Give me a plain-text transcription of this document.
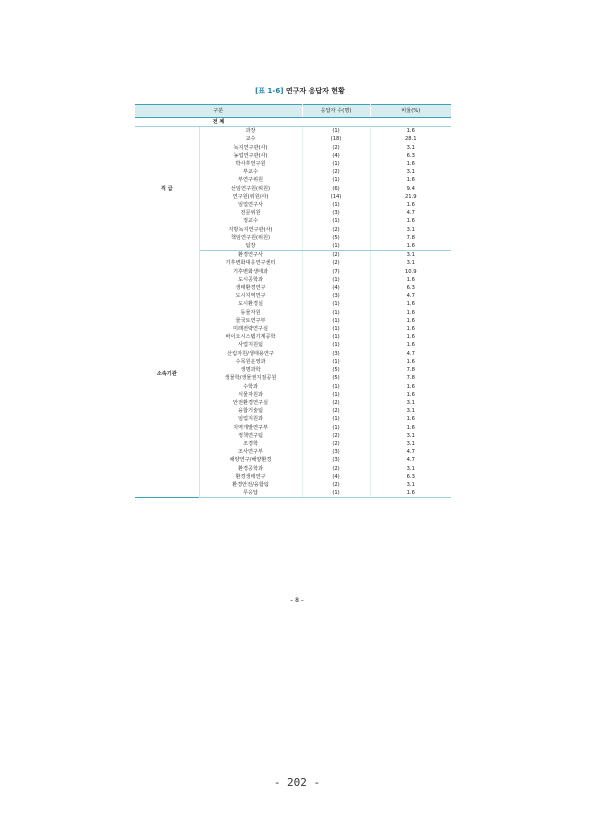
[표 1-6] 연구자 응답자 현황
구분		응답자 수(명)	비율(%)
전 체			
직 급	과장	(1)	1.6
	교수	(18)	28.1
	녹지연구관(사)	(2)	3.1
	농업연구관(사)	(4)	6.3
	박사후연구원	(1)	1.6
	부교수	(2)	3.1
	부연구위원	(1)	1.6
	선임연구원(위원)	(6)	9.4
	연구원(위원/사)	(14)	21.9
	임업연구사	(1)	1.6
	전문위원	(3)	4.7
	정교수	(1)	1.6
	지방녹지연구관(사)	(2)	3.1
	책임연구원(위원)	(5)	7.8
	팀장	(1)	1.6
소속기관	환경연구사	(2)	3.1
	기후변화대응연구센터	(2)	3.1
	기후변화생태과	(7)	10.9
	도시공학과	(1)	1.6
	생태환경연구	(4)	6.3
	도시지역연구	(3)	4.7
	도시환경실	(1)	1.6
	동물자원	(1)	1.6
	물국토연구부	(1)	1.6
	미래전략연구실	(1)	1.6
	바이오시스템기계공학	(1)	1.6
	사업지원팀	(1)	1.6
	산림자원/생태용연구	(3)	4.7
	수목원운영과	(1)	1.6
	생명과학	(5)	7.8
	생물학/생물권지질공원	(5)	7.8
	수학과	(1)	1.6
	식물자원과	(1)	1.6
	안전환경연구실	(2)	3.1
	융합기술팀	(2)	3.1
	임업지원과	(1)	1.6
	지역개발연구부	(1)	1.6
	정책연구팀	(2)	3.1
	조경학	(2)	3.1
	조사연구부	(3)	4.7
	해양연구/해양환경	(3)	4.7
	환경공학과	(2)	3.1
	환경생태연구	(4)	6.3
	환경안전/융합팀	(2)	3.1
	무응답	(1)	1.6
– 8 –
- 202 -
